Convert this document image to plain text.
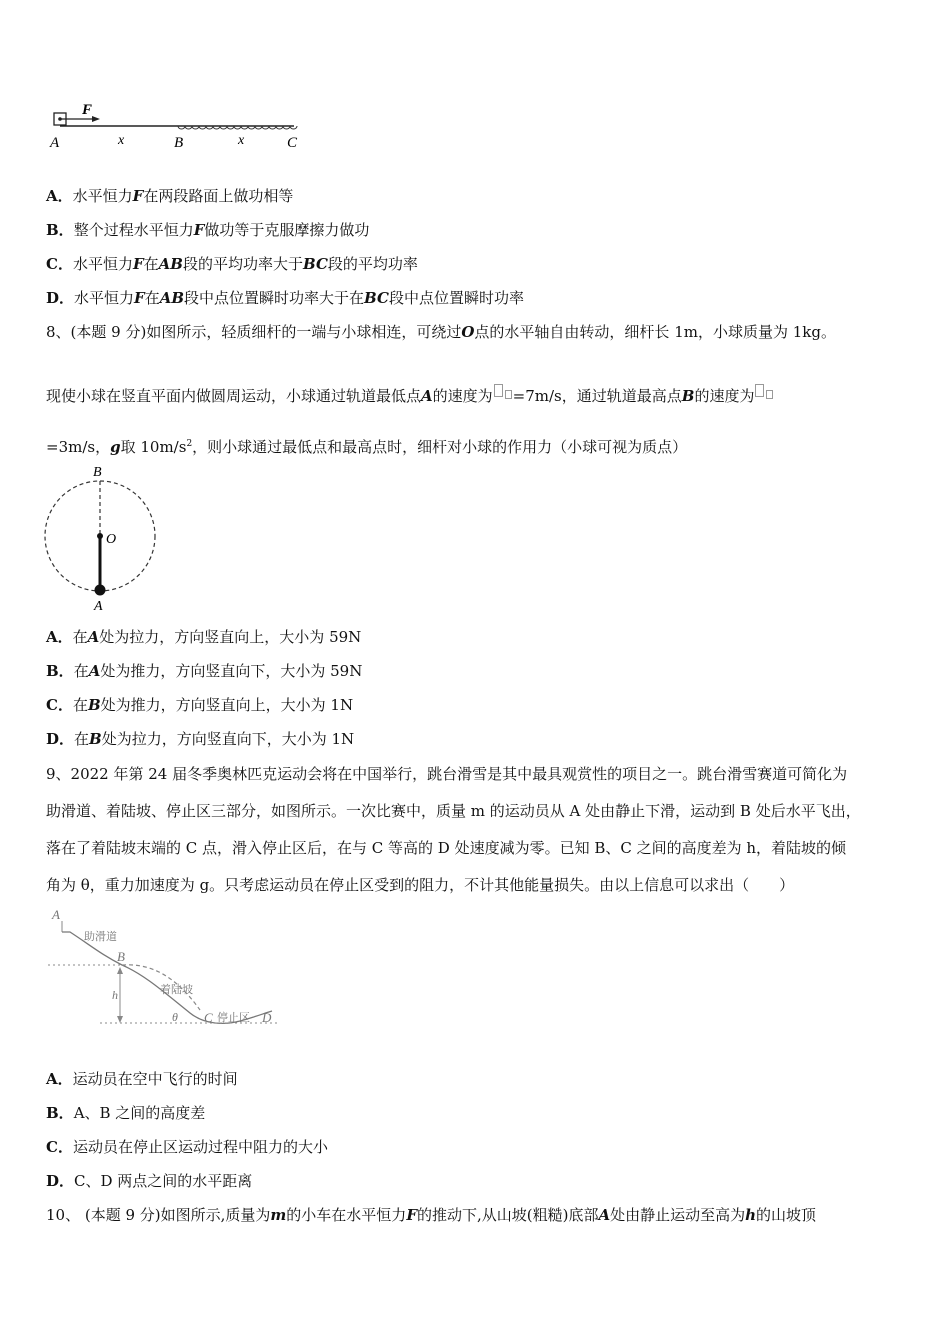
F
A	x	B	x	C
A．水平恒力F在两段路面上做功相等
B．整个过程水平恒力F做功等于克服摩擦力做功
C．水平恒力F在AB段的平均功率大于BC段的平均功率
D．水平恒力F在AB段中点位置瞬时功率大于在BC段中点位置瞬时功率
8、(本题 9 分)如图所示，轻质细杆的一端与小球相连，可绕过O点的水平轴自由转动，细杆长 1m，小球质量为 1kg。
现使小球在竖直平面内做圆周运动，小球通过轨道最低点A的速度为 =7m/s，通过轨道最高点B的速度为
=3m/s，g取 $10m/s^2$，则小球通过最低点和最高点时，细杆对小球的作用力（小球可视为质点）
B
O
A
A．在A处为拉力，方向竖直向上，大小为 59N
B．在A处为推力，方向竖直向下，大小为 59N
C．在B处为推力，方向竖直向上，大小为 1N
D．在B处为拉力，方向竖直向下，大小为 1N
9、2022 年第 24 届冬季奥林匹克运动会将在中国举行，跳台滑雪是其中最具观赏性的项目之一。跳台滑雪赛道可简化为
助滑道、着陆坡、停止区三部分，如图所示。一次比赛中，质量 m 的运动员从 A 处由静止下滑，运动到 B 处后水平飞出，
落在了着陆坡末端的 C 点，滑入停止区后，在与 C 等高的 D 处速度减为零。已知 B、C 之间的高度差为 h，着陆坡的倾
角为 θ，重力加速度为 g。只考虑运动员在停止区受到的阻力，不计其他能量损失。由以上信息可以求出（　　）
A
助滑道
B
h	着陆坡
θ C 停止区 D
A．运动员在空中飞行的时间
B．A、B 之间的高度差
C．运动员在停止区运动过程中阻力的大小
D．C、D 两点之间的水平距离
10、 (本题 9 分)如图所示,质量为m的小车在水平恒力F的推动下,从山坡(粗糙)底部A处由静止运动至高为h的山坡顶
